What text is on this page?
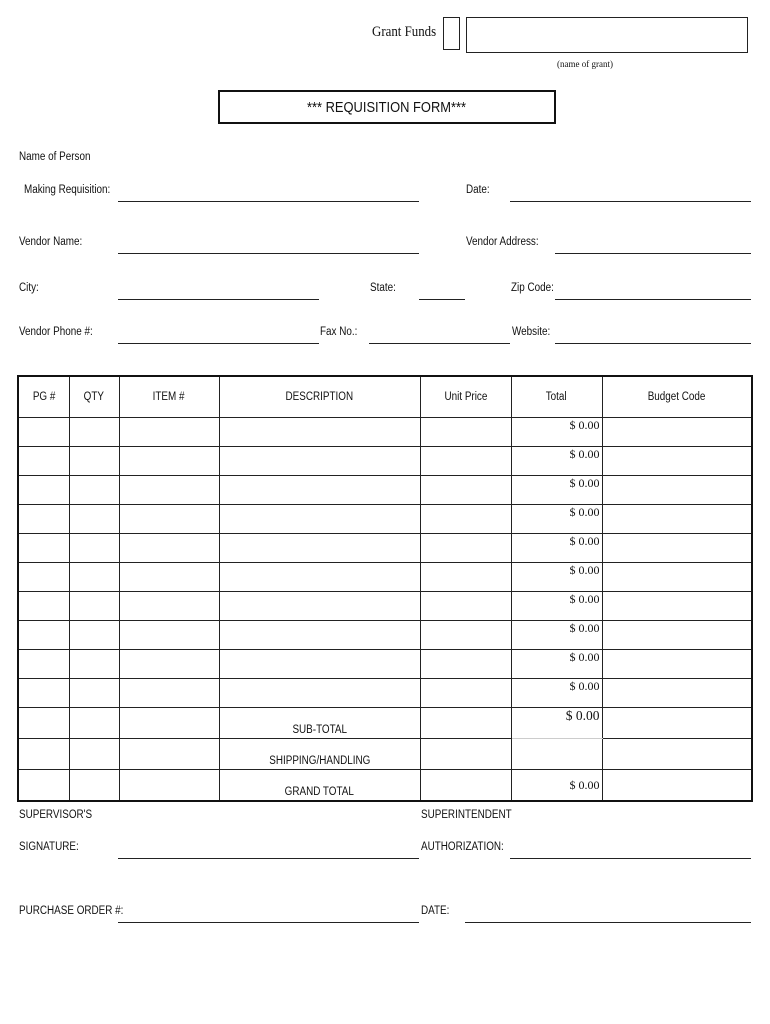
Grant Funds
(name of grant)
*** REQUISITION FORM***
Name of Person
Making Requisition:	Date:
Vendor Name:	Vendor Address:
City:	State:	Zip Code:
Vendor Phone #:	Fax No.:	Website:
PG #	QTY	ITEM #	DESCRIPTION	Unit Price	Total	Budget Code
					$ 0.00	
					$ 0.00	
					$ 0.00	
					$ 0.00	
					$ 0.00	
					$ 0.00	
					$ 0.00	
					$ 0.00	
					$ 0.00	
					$ 0.00	
			SUB-TOTAL		$ 0.00	
			SHIPPING/HANDLING			
			GRAND TOTAL		$ 0.00	
SUPERVISOR'S
SIGNATURE:
SUPERINTENDENT
AUTHORIZATION:
PURCHASE ORDER #:	DATE:
